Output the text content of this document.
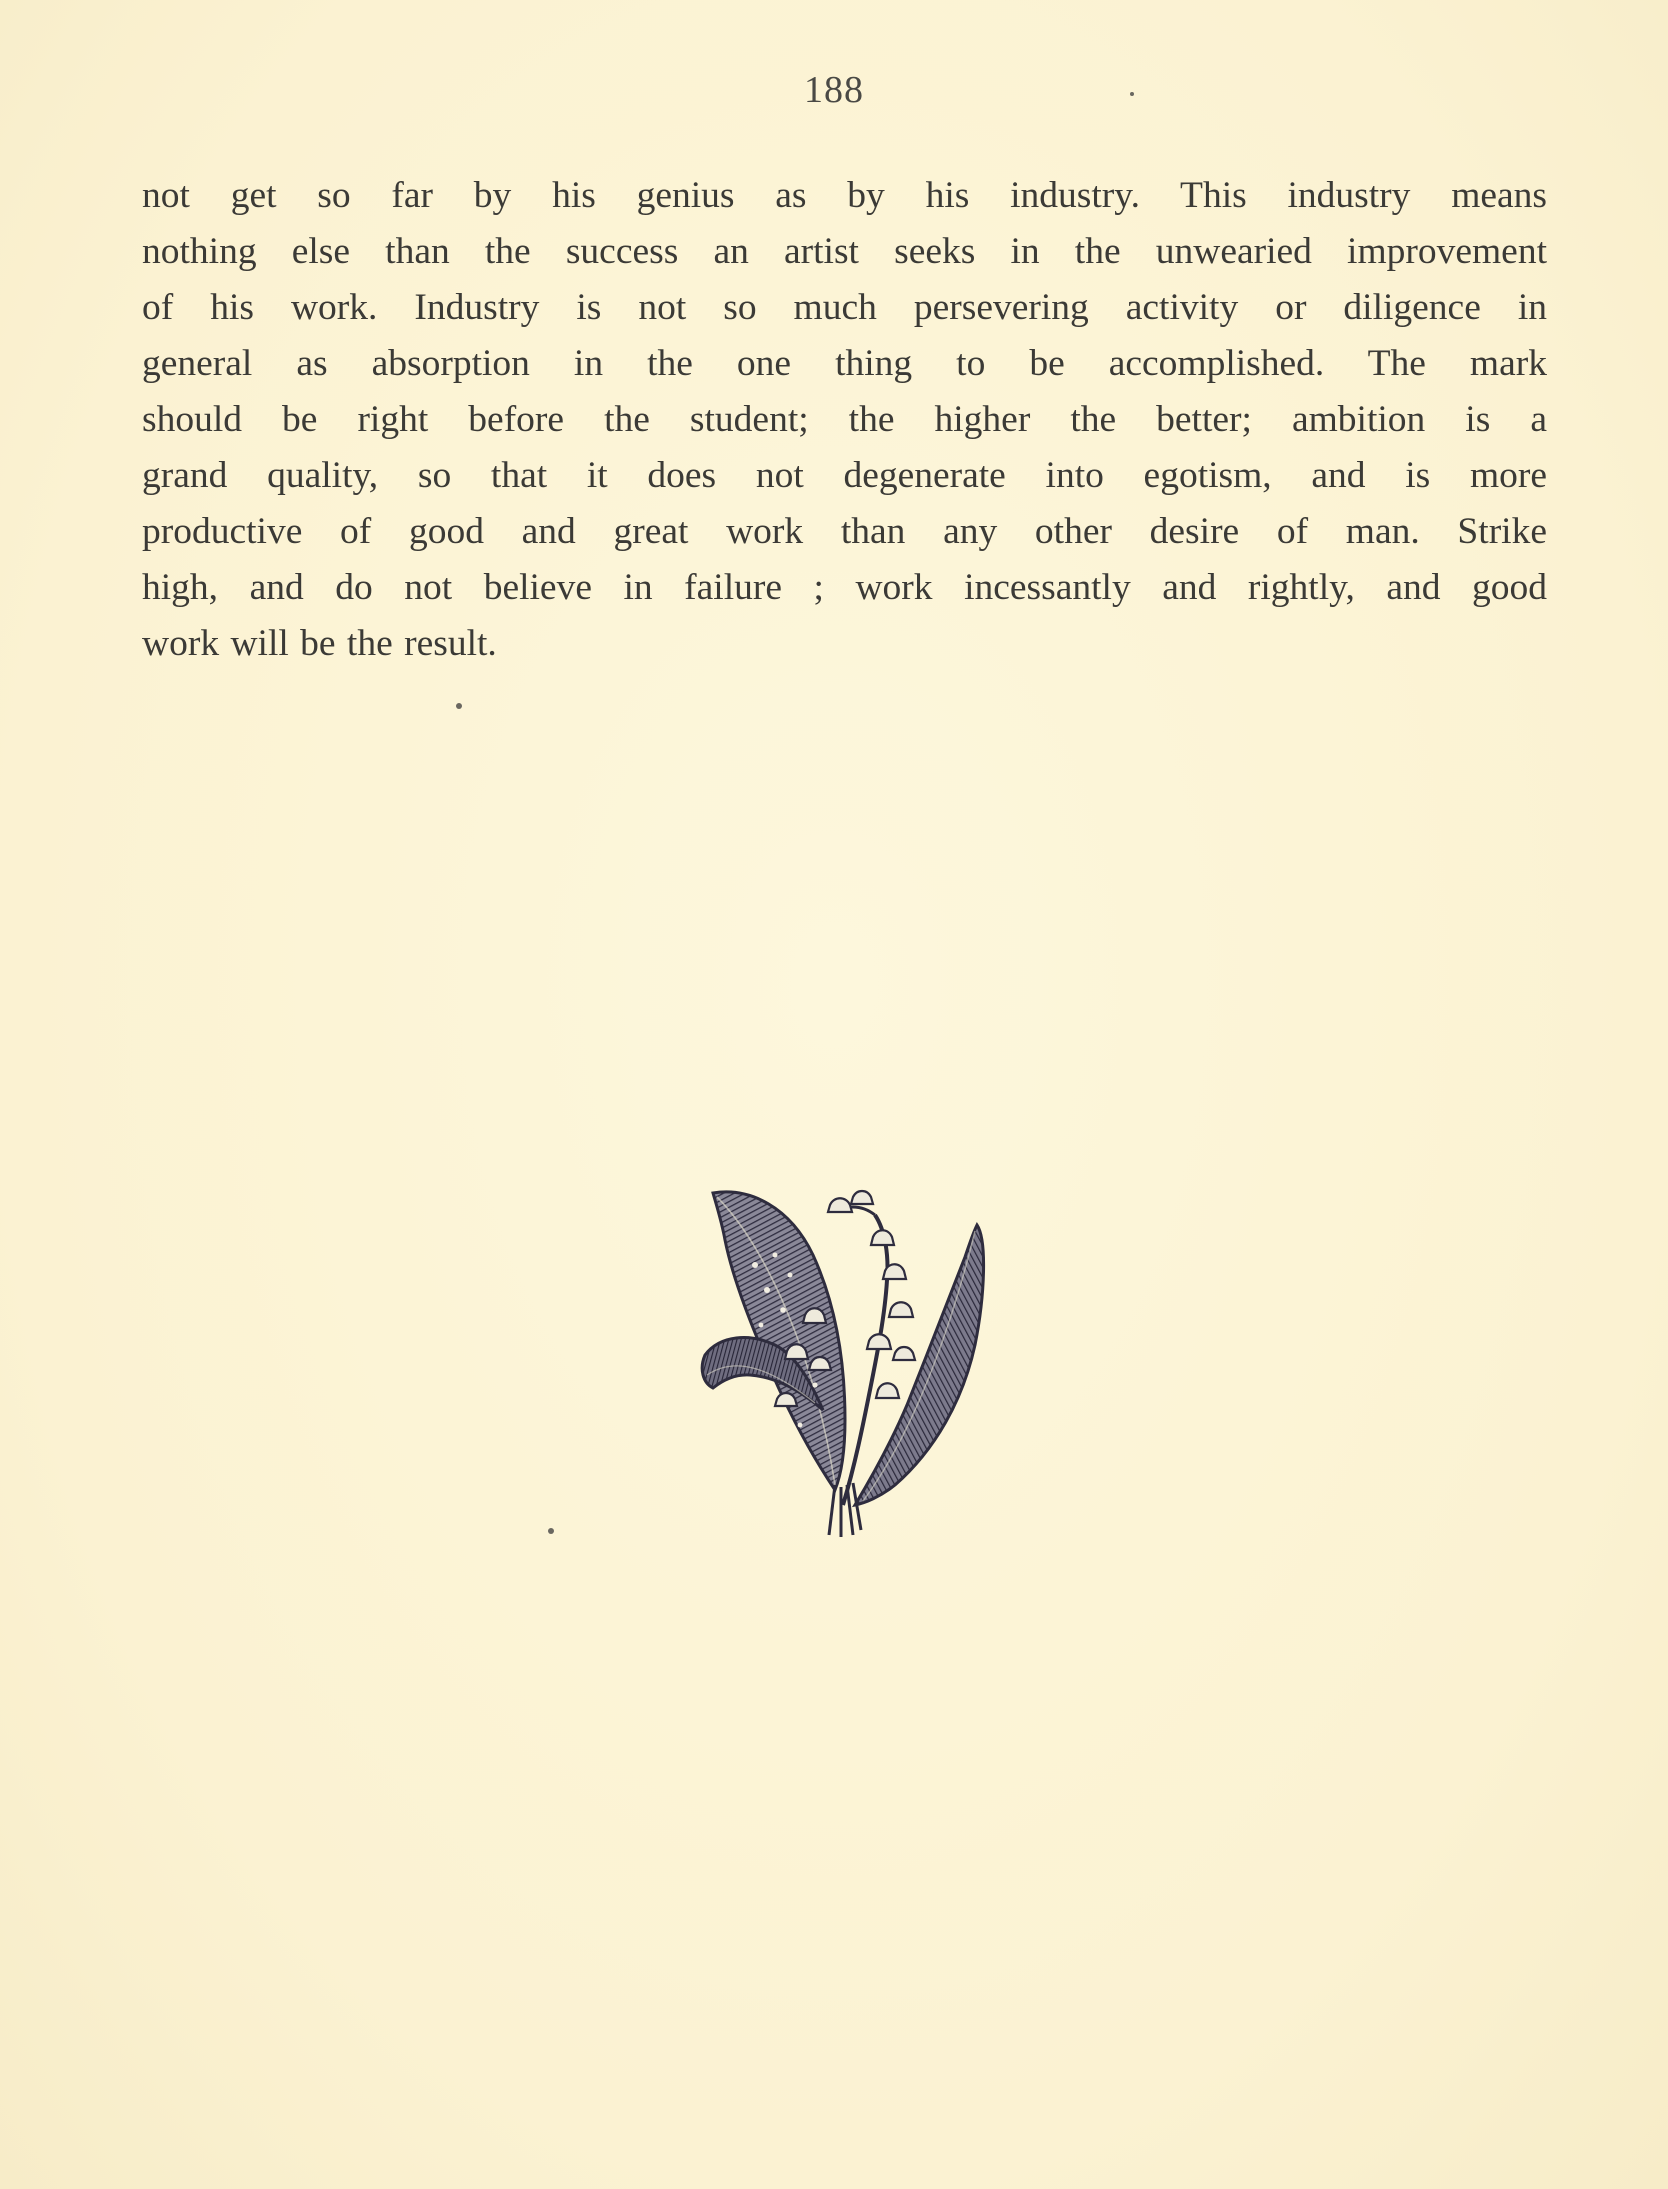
188
not get so far by his genius as by his industry. This industry means
nothing else than the success an artist seeks in the unwearied improvement
of his work. Industry is not so much persevering activity or diligence in
general as absorption in the one thing to be accomplished. The mark
should be right before the student; the higher the better; ambition is a
grand quality, so that it does not degenerate into egotism, and is more
productive of good and great work than any other desire of man. Strike
high, and do not believe in failure ; work incessantly and rightly, and good
work will be the result.
